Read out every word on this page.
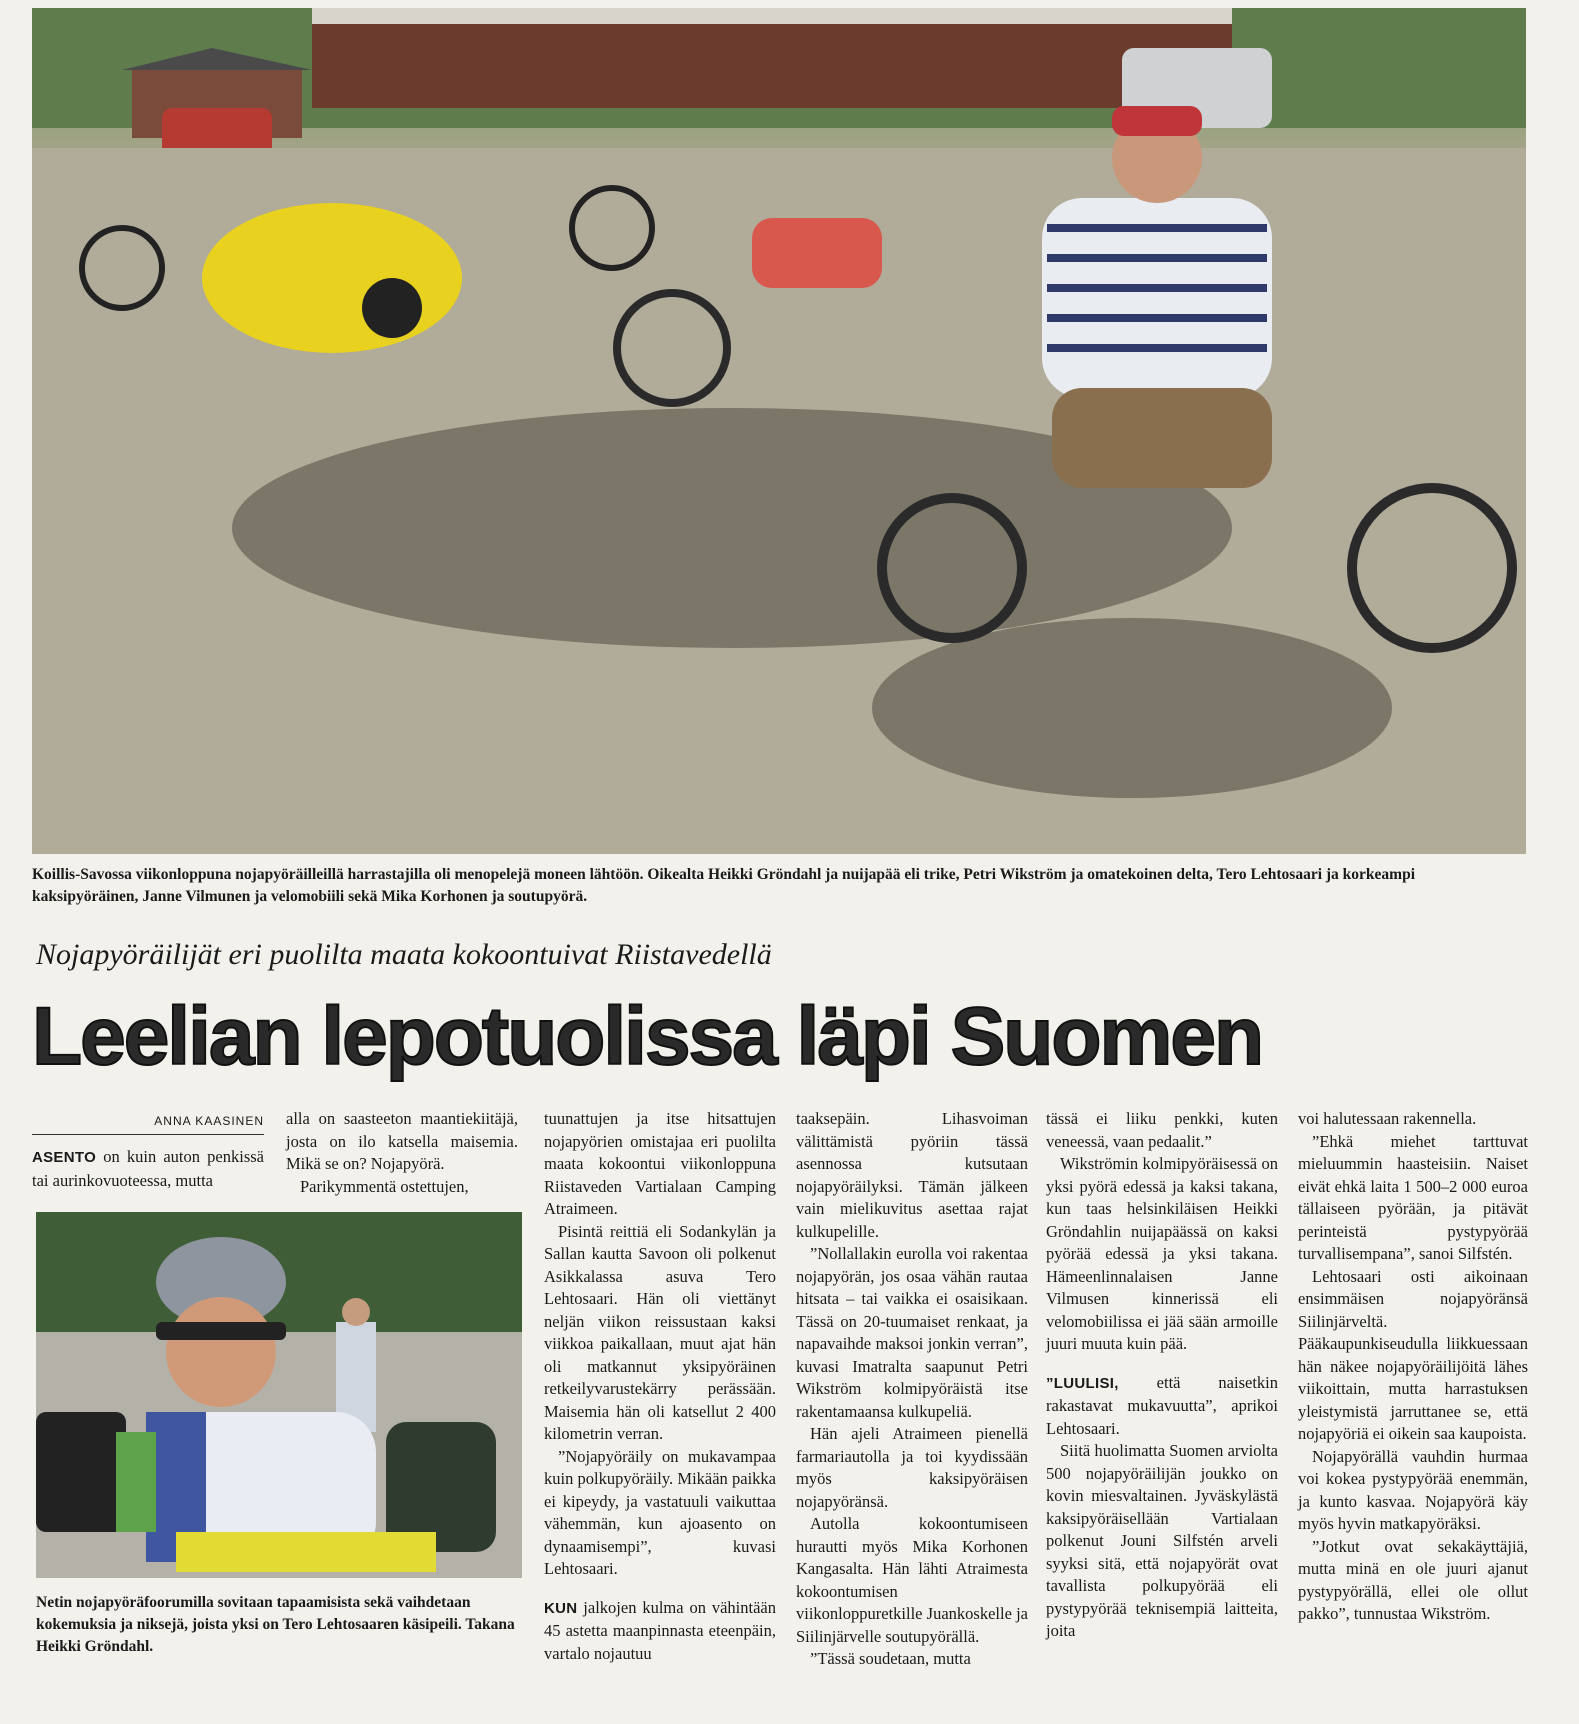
Koillis-Savossa viikonloppuna nojapyöräilleillä harrastajilla oli menopelejä moneen lähtöön. Oikealta Heikki Gröndahl ja nuijapää eli trike, Petri Wikström ja omatekoinen delta, Tero Lehtosaari ja korkeampi kaksipyöräinen, Janne Vilmunen ja velomobiili sekä Mika Korhonen ja soutupyörä.
Nojapyöräilijät eri puolilta maata kokoontuivat Riistavedellä
Leelian lepotuolissa läpi Suomen
ANNA KAASINEN

ASENTO on kuin auton penkissä tai aurinkovuoteessa, mutta

alla on saasteeton maantiekiitäjä, josta on ilo katsella maisemia. Mikä se on? Nojapyörä.

Parikymmentä ostettujen,

Netin nojapyöräfoorumilla sovitaan tapaamisista sekä vaihdetaan kokemuksia ja niksejä, joista yksi on Tero Lehtosaaren käsipeili. Takana Heikki Gröndahl.

tuunattujen ja itse hitsattujen nojapyörien omistajaa eri puolilta maata kokoontui viikonloppuna Riistaveden Vartialaan Camping Atraimeen.

Pisintä reittiä eli Sodankylän ja Sallan kautta Savoon oli polkenut Asikkalassa asuva Tero Lehtosaari. Hän oli viettänyt neljän viikon reissustaan kaksi viikkoa paikallaan, muut ajat hän oli matkannut yksipyöräinen retkeilyvarustekärry perässään. Maisemia hän oli katsellut 2 400 kilometrin verran.

”Nojapyöräily on mukavampaa kuin polkupyöräily. Mikään paikka ei kipeydy, ja vastatuuli vaikuttaa vähemmän, kun ajoasento on dynaamisempi”, kuvasi Lehtosaari.

KUN jalkojen kulma on vähintään 45 astetta maanpinnasta eteenpäin, vartalo nojautuu

taaksepäin. Lihasvoiman välittämistä pyöriin tässä asennossa kutsutaan nojapyöräilyksi. Tämän jälkeen vain mielikuvitus asettaa rajat kulkupelille.

”Nollallakin eurolla voi rakentaa nojapyörän, jos osaa vähän rautaa hitsata – tai vaikka ei osaisikaan. Tässä on 20-tuumaiset renkaat, ja napavaihde maksoi jonkin verran”, kuvasi Imatralta saapunut Petri Wikström kolmipyöräistä itse rakentamaansa kulkupeliä.

Hän ajeli Atraimeen pienellä farmariautolla ja toi kyydissään myös kaksipyöräisen nojapyöränsä.

Autolla kokoontumiseen hurautti myös Mika Korhonen Kangasalta. Hän lähti Atraimesta kokoontumisen viikonloppuretkille Juankoskelle ja Siilinjärvelle soutupyörällä.

”Tässä soudetaan, mutta

tässä ei liiku penkki, kuten veneessä, vaan pedaalit.”

Wikströmin kolmipyöräisessä on yksi pyörä edessä ja kaksi takana, kun taas helsinkiläisen Heikki Gröndahlin nuijapäässä on kaksi pyörää edessä ja yksi takana. Hämeenlinnalaisen Janne Vilmusen kinnerissä eli velomobiilissa ei jää sään armoille juuri muuta kuin pää.

”LUULISI, että naisetkin rakastavat mukavuutta”, aprikoi Lehtosaari.

Siitä huolimatta Suomen arviolta 500 nojapyöräilijän joukko on kovin miesvaltainen. Jyväskylästä kaksipyöräisellään Vartialaan polkenut Jouni Silfstén arveli syyksi sitä, että nojapyörät ovat tavallista polkupyörää eli pystypyörää teknisempiä laitteita, joita

voi halutessaan rakennella.

”Ehkä miehet tarttuvat mieluummin haasteisiin. Naiset eivät ehkä laita 1 500–2 000 euroa tällaiseen pyörään, ja pitävät perinteistä pystypyörää turvallisempana”, sanoi Silfstén.

Lehtosaari osti aikoinaan ensimmäisen nojapyöränsä Siilinjärveltä. Pääkaupunkiseudulla liikkuessaan hän näkee nojapyöräilijöitä lähes viikoittain, mutta harrastuksen yleistymistä jarruttanee se, että nojapyöriä ei oikein saa kaupoista.

Nojapyörällä vauhdin hurmaa voi kokea pystypyörää enemmän, ja kunto kasvaa. Nojapyörä käy myös hyvin matkapyöräksi.

”Jotkut ovat sekakäyttäjiä, mutta minä en ole juuri ajanut pystypyörällä, ellei ole ollut pakko”, tunnustaa Wikström.
